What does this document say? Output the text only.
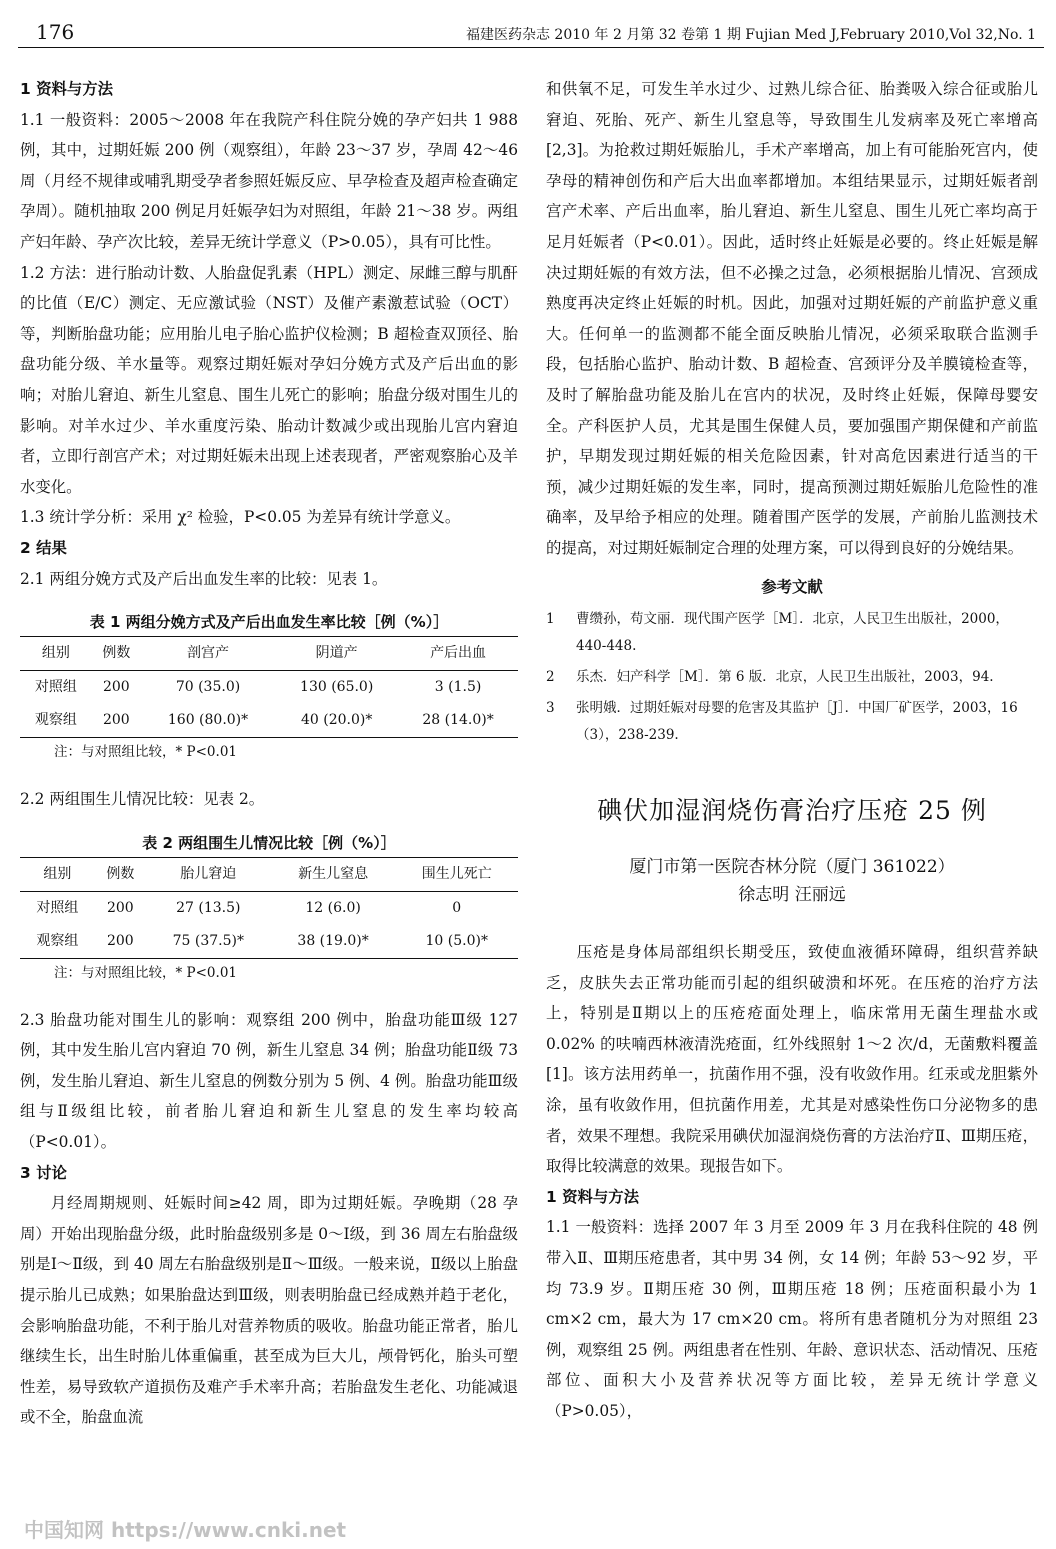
176	福建医药杂志 2010 年 2 月第 32 卷第 1 期 Fujian Med J,February 2010,Vol 32,No. 1

1 资料与方法

1.1 一般资料：2005～2008 年在我院产科住院分娩的孕产妇共 1 988 例，其中，过期妊娠 200 例（观察组），年龄 23～37 岁，孕周 42～46 周（月经不规律或哺乳期受孕者参照妊娠反应、早孕检查及超声检查确定孕周）。随机抽取 200 例足月妊娠孕妇为对照组，年龄 21～38 岁。两组产妇年龄、孕产次比较，差异无统计学意义（P>0.05），具有可比性。

1.2 方法：进行胎动计数、人胎盘促乳素（HPL）测定、尿雌三醇与肌酐的比值（E/C）测定、无应激试验（NST）及催产素激惹试验（OCT）等，判断胎盘功能；应用胎儿电子胎心监护仪检测；B 超检查双顶径、胎盘功能分级、羊水量等。观察过期妊娠对孕妇分娩方式及产后出血的影响；对胎儿窘迫、新生儿窒息、围生儿死亡的影响；胎盘分级对围生儿的影响。对羊水过少、羊水重度污染、胎动计数减少或出现胎儿宫内窘迫者，立即行剖宫产术；对过期妊娠未出现上述表现者，严密观察胎心及羊水变化。

1.3 统计学分析：采用 χ² 检验，P<0.05 为差异有统计学意义。

2 结果

2.1 两组分娩方式及产后出血发生率的比较：见表 1。

表 1 两组分娩方式及产后出血发生率比较［例（%）］
组别	例数	剖宫产	阴道产	产后出血
对照组	200	70 (35.0)	130 (65.0)	3 (1.5)
观察组	200	160 (80.0)*	40 (20.0)*	28 (14.0)*
注：与对照组比较，* P<0.01

2.2 两组围生儿情况比较：见表 2。

表 2 两组围生儿情况比较［例（%）］
组别	例数	胎儿窘迫	新生儿窒息	围生儿死亡
对照组	200	27 (13.5)	12 (6.0)	0
观察组	200	75 (37.5)*	38 (19.0)*	10 (5.0)*
注：与对照组比较，* P<0.01

2.3 胎盘功能对围生儿的影响：观察组 200 例中，胎盘功能Ⅲ级 127 例，其中发生胎儿宫内窘迫 70 例，新生儿窒息 34 例；胎盘功能Ⅱ级 73 例，发生胎儿窘迫、新生儿窒息的例数分别为 5 例、4 例。胎盘功能Ⅲ级组与Ⅱ级组比较，前者胎儿窘迫和新生儿窒息的发生率均较高（P<0.01）。

3 讨论

月经周期规则、妊娠时间≥42 周，即为过期妊娠。孕晚期（28 孕周）开始出现胎盘分级，此时胎盘级别多是 0～Ⅰ级，到 36 周左右胎盘级别是Ⅰ～Ⅱ级，到 40 周左右胎盘级别是Ⅱ～Ⅲ级。一般来说，Ⅱ级以上胎盘提示胎儿已成熟；如果胎盘达到Ⅲ级，则表明胎盘已经成熟并趋于老化，会影响胎盘功能，不利于胎儿对营养物质的吸收。胎盘功能正常者，胎儿继续生长，出生时胎儿体重偏重，甚至成为巨大儿，颅骨钙化，胎头可塑性差，易导致软产道损伤及难产手术率升高；若胎盘发生老化、功能减退或不全，胎盘血流

和供氧不足，可发生羊水过少、过熟儿综合征、胎粪吸入综合征或胎儿窘迫、死胎、死产、新生儿窒息等，导致围生儿发病率及死亡率增高[2,3]。为抢救过期妊娠胎儿，手术产率增高，加上有可能胎死宫内，使孕母的精神创伤和产后大出血率都增加。本组结果显示，过期妊娠者剖宫产术率、产后出血率，胎儿窘迫、新生儿窒息、围生儿死亡率均高于足月妊娠者（P<0.01）。因此，适时终止妊娠是必要的。终止妊娠是解决过期妊娠的有效方法，但不必操之过急，必须根据胎儿情况、宫颈成熟度再决定终止妊娠的时机。因此，加强对过期妊娠的产前监护意义重大。任何单一的监测都不能全面反映胎儿情况，必须采取联合监测手段，包括胎心监护、胎动计数、B 超检查、宫颈评分及羊膜镜检查等，及时了解胎盘功能及胎儿在宫内的状况，及时终止妊娠，保障母婴安全。产科医护人员，尤其是围生保健人员，要加强围产期保健和产前监护，早期发现过期妊娠的相关危险因素，针对高危因素进行适当的干预，减少过期妊娠的发生率，同时，提高预测过期妊娠胎儿危险性的准确率，及早给予相应的处理。随着围产医学的发展，产前胎儿监测技术的提高，对过期妊娠制定合理的处理方案，可以得到良好的分娩结果。

参考文献
1	曹缵孙，苟文丽．现代围产医学［M］．北京，人民卫生出版社，2000，440-448.
2	乐杰．妇产科学［M］．第 6 版．北京，人民卫生出版社，2003，94.
3	张明娥．过期妊娠对母婴的危害及其监护［J］．中国厂矿医学，2003，16（3），238-239.
碘伏加湿润烧伤膏治疗压疮 25 例
厦门市第一医院杏林分院（厦门 361022）
徐志明 汪丽远

压疮是身体局部组织长期受压，致使血液循环障碍，组织营养缺乏，皮肤失去正常功能而引起的组织破溃和坏死。在压疮的治疗方法上，特别是Ⅱ期以上的压疮疮面处理上，临床常用无菌生理盐水或 0.02% 的呋喃西林液清洗疮面，红外线照射 1～2 次/d，无菌敷料覆盖[1]。该方法用药单一，抗菌作用不强，没有收敛作用。红汞或龙胆紫外涂，虽有收敛作用，但抗菌作用差，尤其是对感染性伤口分泌物多的患者，效果不理想。我院采用碘伏加湿润烧伤膏的方法治疗Ⅱ、Ⅲ期压疮，取得比较满意的效果。现报告如下。

1 资料与方法

1.1 一般资料：选择 2007 年 3 月至 2009 年 3 月在我科住院的 48 例带入Ⅱ、Ⅲ期压疮患者，其中男 34 例，女 14 例；年龄 53～92 岁，平均 73.9 岁。Ⅱ期压疮 30 例，Ⅲ期压疮 18 例；压疮面积最小为 1 cm×2 cm，最大为 17 cm×20 cm。将所有患者随机分为对照组 23 例，观察组 25 例。两组患者在性别、年龄、意识状态、活动情况、压疮部位、面积大小及营养状况等方面比较，差异无统计学意义（P>0.05），

中国知网 https://www.cnki.net
